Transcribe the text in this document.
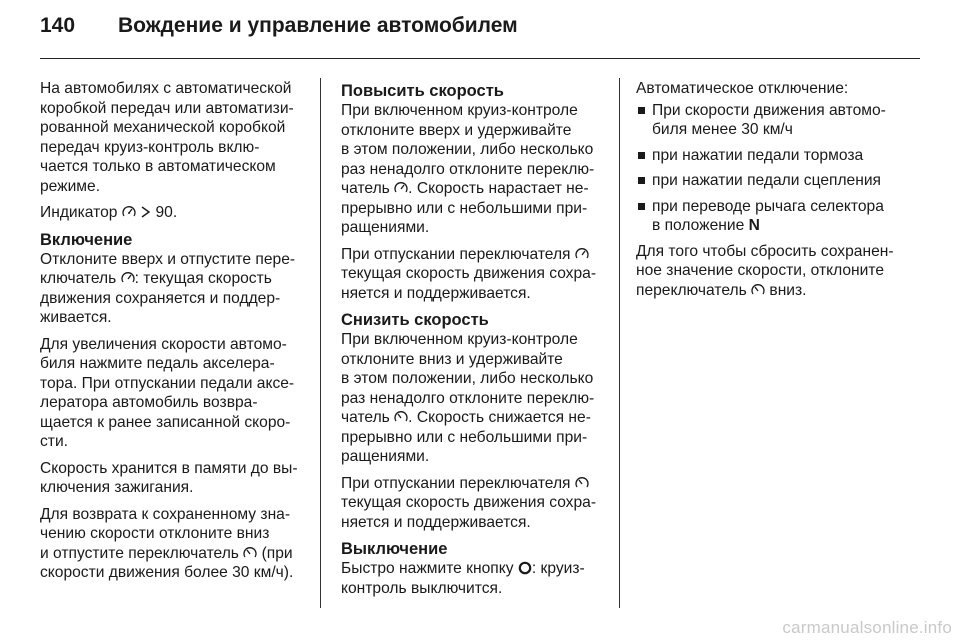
140	Вождение и управление автомобилем

На автомобилях с автоматической
коробкой передач или автоматизи-
рованной механической коробкой
передач круиз-контроль вклю-
чается только в автоматическом
режиме.

Индикатор 90.

Включение
Отклоните вверх и отпустите пере-
ключатель : текущая скорость
движения сохраняется и поддер-
живается.

Для увеличения скорости автомо-
биля нажмите педаль акселера-
тора. При отпускании педали аксе-
лератора автомобиль возвра-
щается к ранее записанной скоро-
сти.

Скорость хранится в памяти до вы-
ключения зажигания.

Для возврата к сохраненному зна-
чению скорости отклоните вниз
и отпустите переключатель (при
скорости движения более 30 км/ч).

Повысить скорость
При включенном круиз-контроле
отклоните вверх и удерживайте
в этом положении, либо несколько
раз ненадолго отклоните переклю-
чатель . Скорость нарастает не-
прерывно или с небольшими при-
ращениями.

При отпускании переключателя
текущая скорость движения сохра-
няется и поддерживается.

Снизить скорость
При включенном круиз-контроле
отклоните вниз и удерживайте
в этом положении, либо несколько
раз ненадолго отклоните переклю-
чатель . Скорость снижается не-
прерывно или с небольшими при-
ращениями.

При отпускании переключателя
текущая скорость движения сохра-
няется и поддерживается.

Выключение
Быстро нажмите кнопку : круиз-
контроль выключится.
Автоматическое отключение:
При скорости движения автомо-
биля менее 30 км/ч
при нажатии педали тормоза
при нажатии педали сцепления
при переводе рычага селектора
в положение N

Для того чтобы сбросить сохранен-
ное значение скорости, отклоните
переключатель вниз.

carmanualsonline.info
